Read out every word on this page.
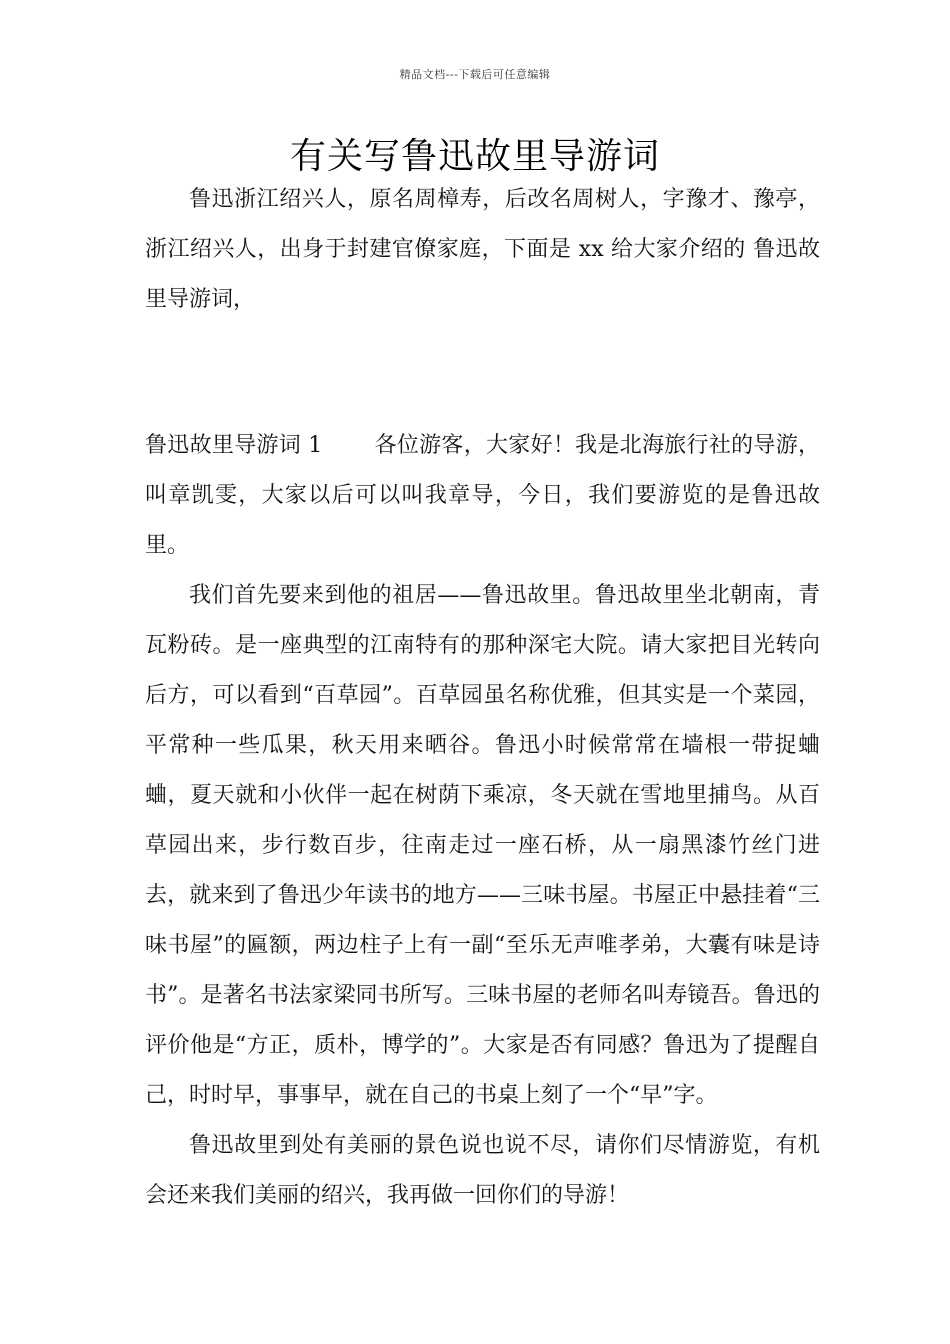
精品文档---下载后可任意编辑
有关写鲁迅故里导游词

鲁迅浙江绍兴人，原名周樟寿，后改名周树人，字豫才、豫亭，浙江绍兴人，出身于封建官僚家庭，下面是 xx 给大家介绍的 鲁迅故里导游词，

鲁迅故里导游词 1 各位游客，大家好！我是北海旅行社的导游，叫章凯雯，大家以后可以叫我章导，今日，我们要游览的是鲁迅故里。

我们首先要来到他的祖居——鲁迅故里。鲁迅故里坐北朝南，青瓦粉砖。是一座典型的江南特有的那种深宅大院。请大家把目光转向后方，可以看到“百草园”。百草园虽名称优雅，但其实是一个菜园，平常种一些瓜果，秋天用来晒谷。鲁迅小时候常常在墙根一带捉蛐蛐，夏天就和小伙伴一起在树荫下乘凉，冬天就在雪地里捕鸟。从百草园出来，步行数百步，往南走过一座石桥，从一扇黑漆竹丝门进去，就来到了鲁迅少年读书的地方——三味书屋。书屋正中悬挂着“三味书屋”的匾额，两边柱子上有一副“至乐无声唯孝弟，大囊有味是诗书”。是著名书法家梁同书所写。三味书屋的老师名叫寿镜吾。鲁迅的评价他是“方正，质朴，博学的”。大家是否有同感？鲁迅为了提醒自己，时时早，事事早，就在自己的书桌上刻了一个“早”字。

鲁迅故里到处有美丽的景色说也说不尽，请你们尽情游览，有机会还来我们美丽的绍兴，我再做一回你们的导游！
